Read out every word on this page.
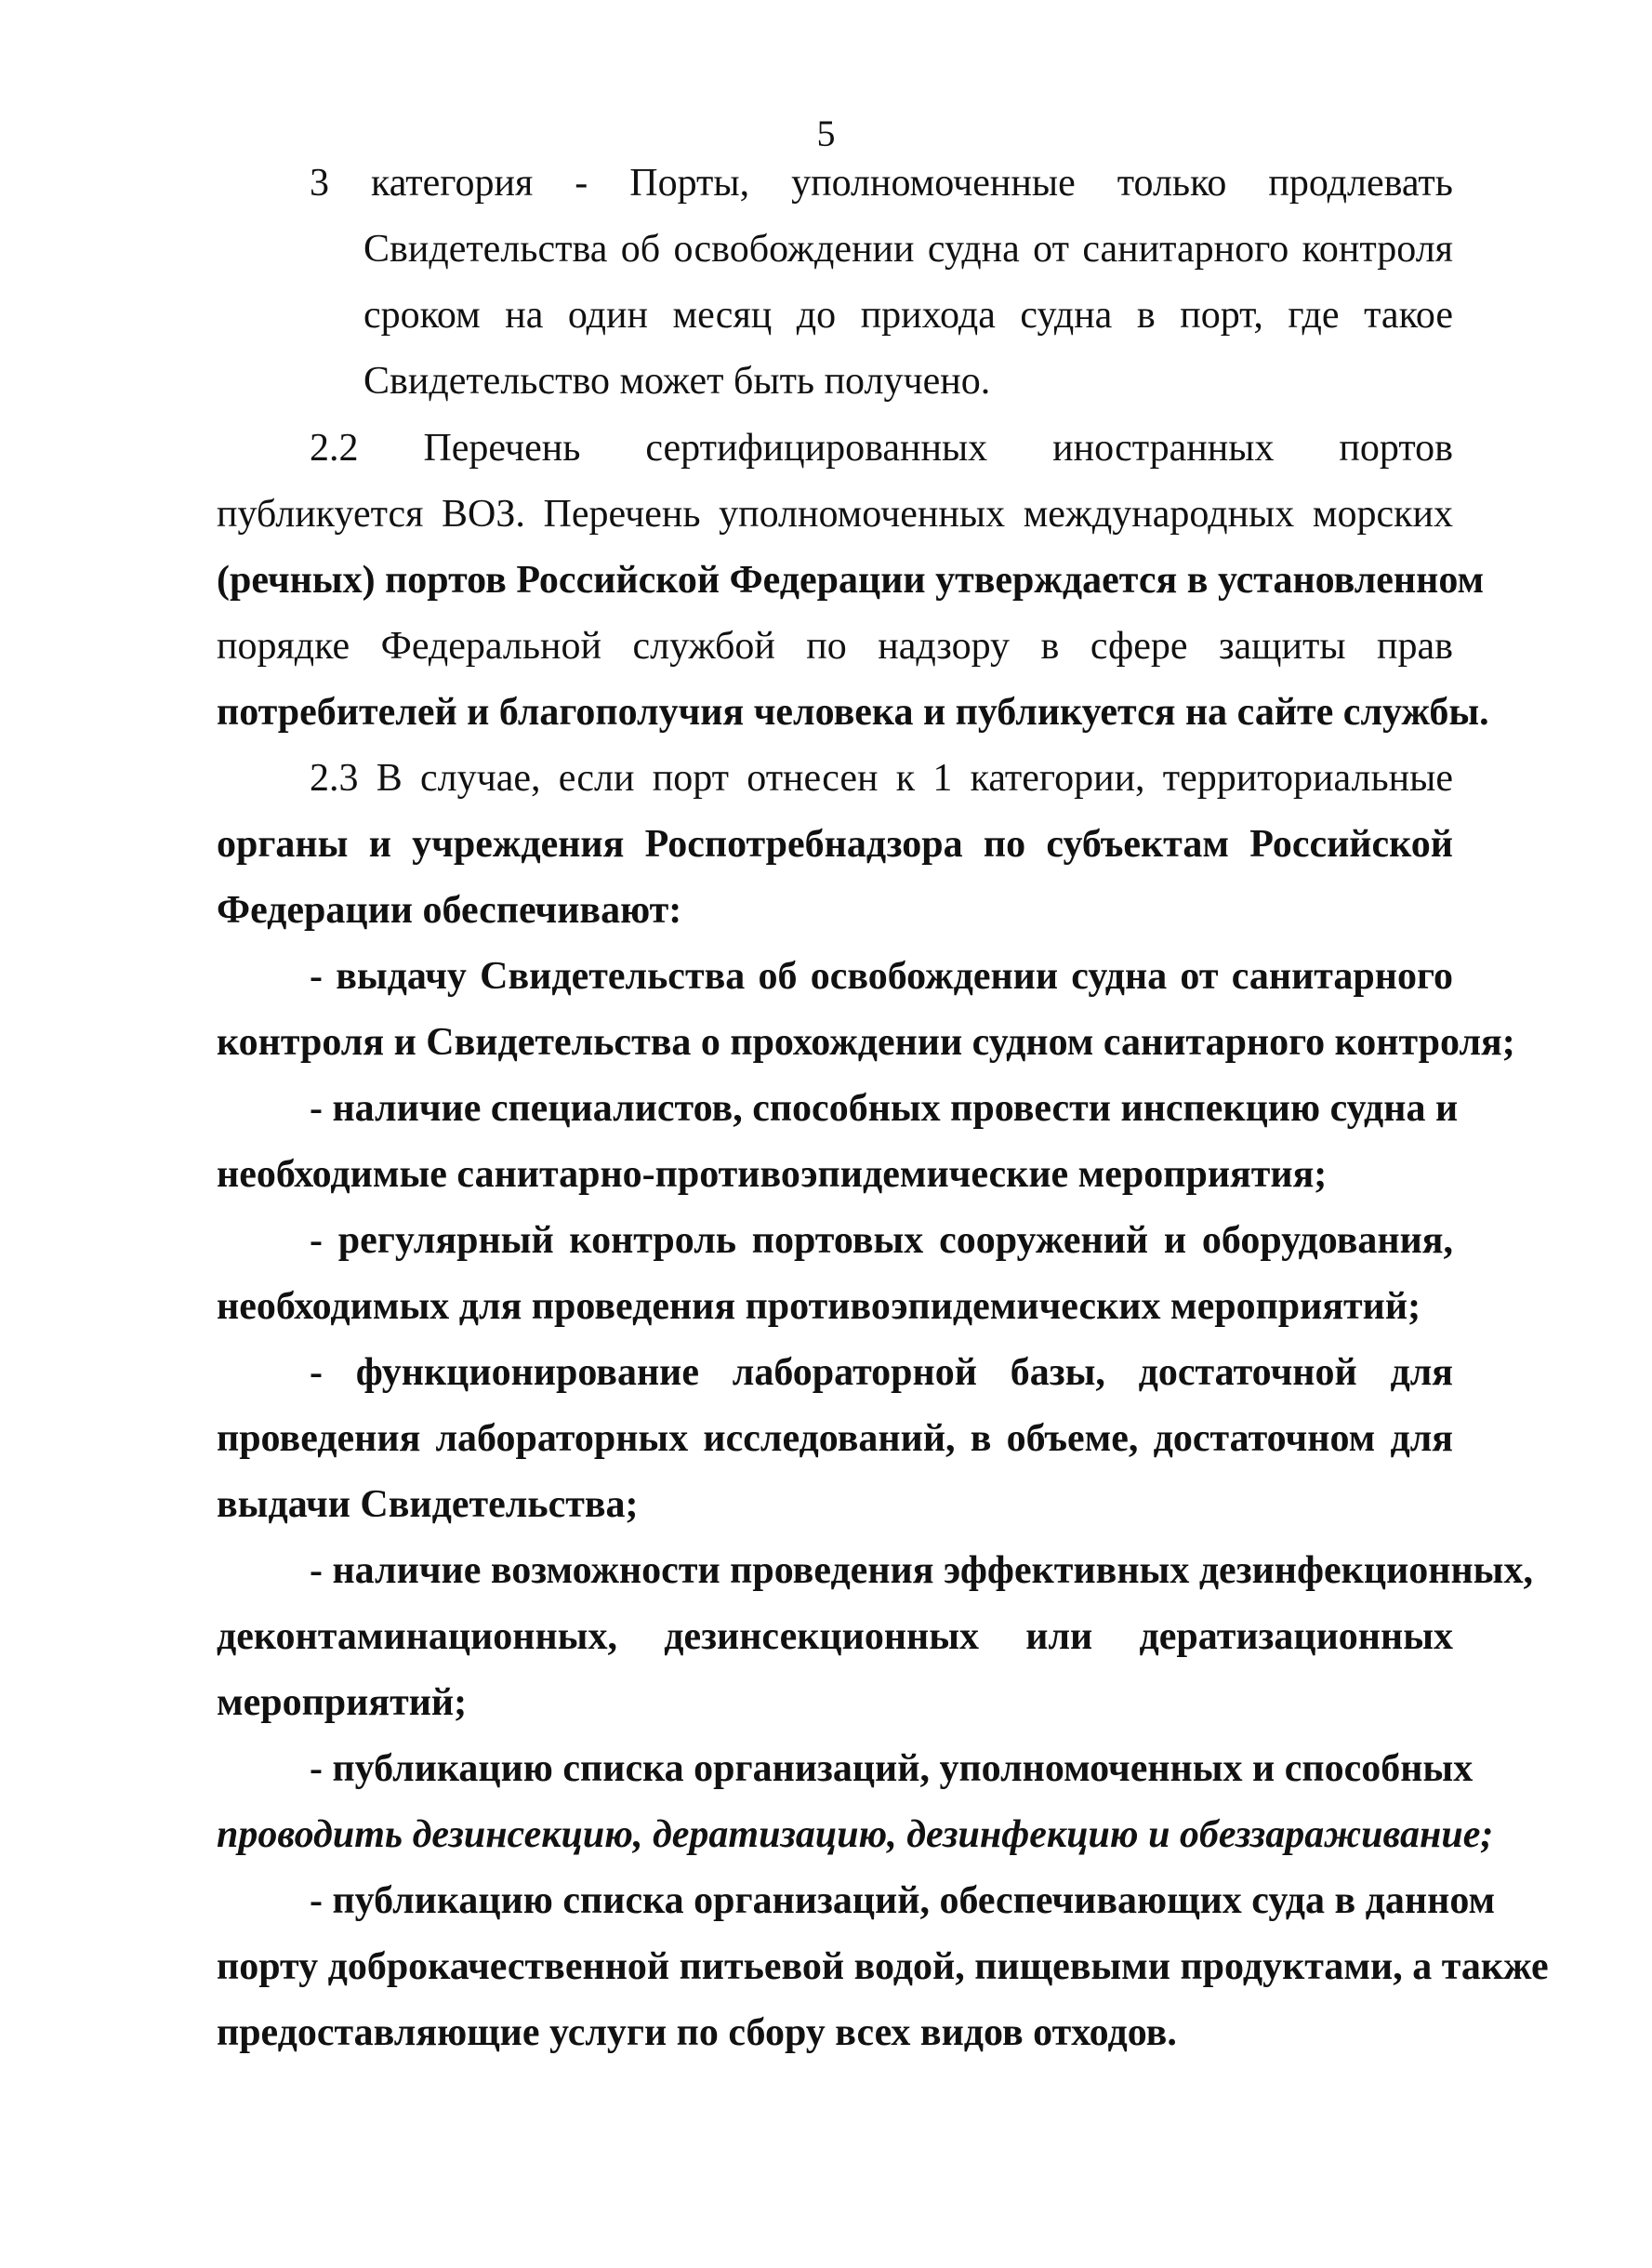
5
3 категория - Порты, уполномоченные только продлевать
Свидетельства об освобождении судна от санитарного контроля
сроком на один месяц до прихода судна в порт, где такое
Свидетельство может быть получено.
2.2 Перечень сертифицированных иностранных портов
публикуется ВОЗ. Перечень уполномоченных международных морских
(речных) портов Российской Федерации утверждается в установленном
порядке Федеральной службой по надзору в сфере защиты прав
потребителей и благополучия человека и публикуется на сайте службы.
2.3 В случае, если порт отнесен к 1 категории, территориальные
органы и учреждения Роспотребнадзора по субъектам Российской
Федерации обеспечивают:
- выдачу Свидетельства об освобождении судна от санитарного
контроля и Свидетельства о прохождении судном санитарного контроля;
- наличие специалистов, способных провести инспекцию судна и
необходимые санитарно-противоэпидемические мероприятия;
- регулярный контроль портовых сооружений и оборудования,
необходимых для проведения противоэпидемических мероприятий;
- функционирование лабораторной базы, достаточной для
проведения лабораторных исследований, в объеме, достаточном для
выдачи Свидетельства;
- наличие возможности проведения эффективных дезинфекционных,
деконтаминационных, дезинсекционных или дератизационных
мероприятий;
- публикацию списка организаций, уполномоченных и способных
проводить дезинсекцию, дератизацию, дезинфекцию и обеззараживание;
- публикацию списка организаций, обеспечивающих суда в данном
порту доброкачественной питьевой водой, пищевыми продуктами, а также
предоставляющие услуги по сбору всех видов отходов.
